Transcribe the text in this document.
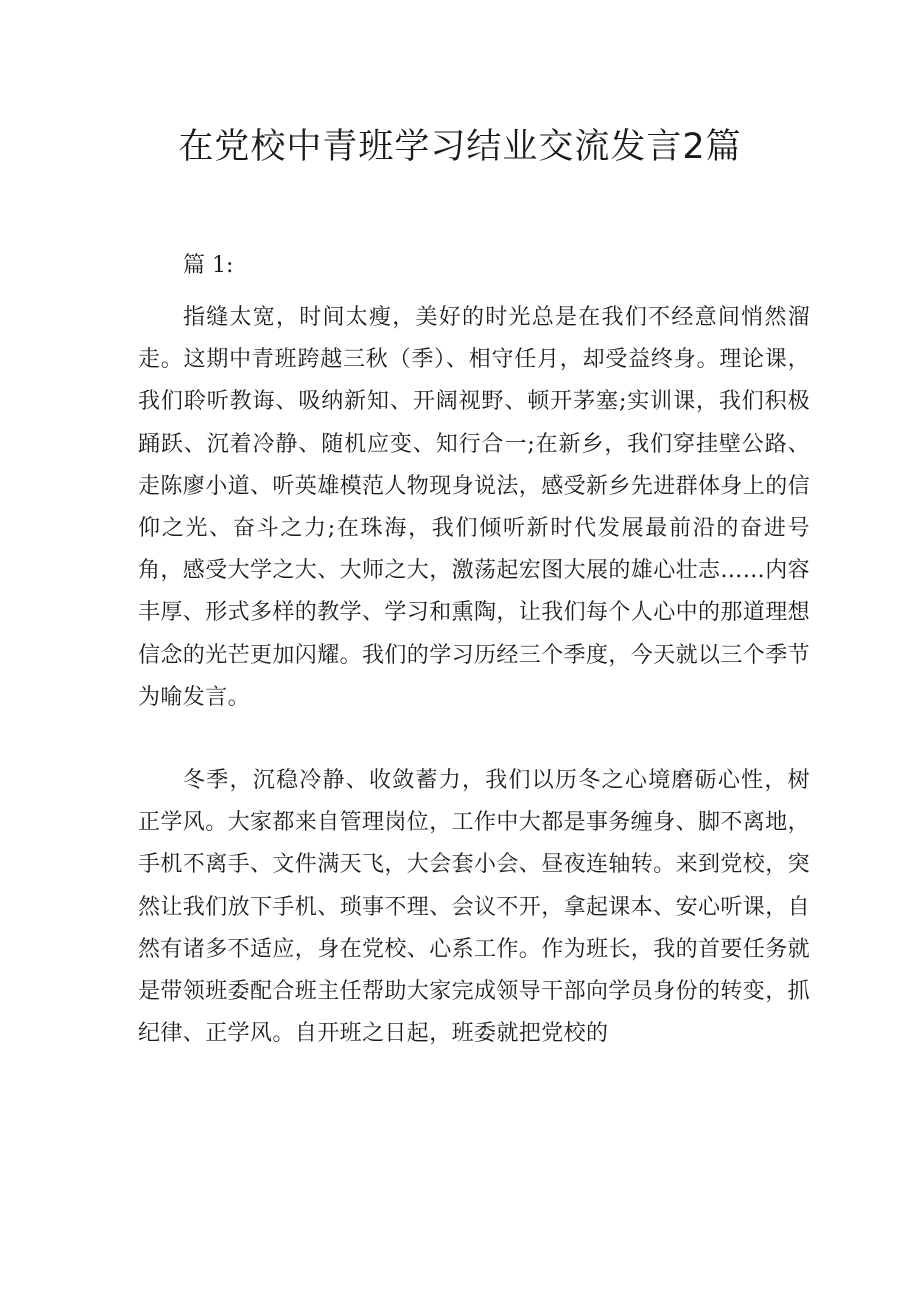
在党校中青班学习结业交流发言2篇

篇 1:

指缝太宽，时间太瘦，美好的时光总是在我们不经意间悄然溜走。这期中青班跨越三秋（季）、相守任月，却受益终身。理论课，我们聆听教诲、吸纳新知、开阔视野、顿开茅塞;实训课，我们积极踊跃、沉着冷静、随机应变、知行合一;在新乡，我们穿挂壁公路、走陈廖小道、听英雄模范人物现身说法，感受新乡先进群体身上的信仰之光、奋斗之力;在珠海，我们倾听新时代发展最前沿的奋进号角，感受大学之大、大师之大，激荡起宏图大展的雄心壮志……内容丰厚、形式多样的教学、学习和熏陶，让我们每个人心中的那道理想信念的光芒更加闪耀。我们的学习历经三个季度，今天就以三个季节为喻发言。

冬季，沉稳冷静、收敛蓄力，我们以历冬之心境磨砺心性，树正学风。大家都来自管理岗位，工作中大都是事务缠身、脚不离地，手机不离手、文件满天飞，大会套小会、昼夜连轴转。来到党校，突然让我们放下手机、琐事不理、会议不开，拿起课本、安心听课，自然有诸多不适应，身在党校、心系工作。作为班长，我的首要任务就是带领班委配合班主任帮助大家完成领导干部向学员身份的转变，抓纪律、正学风。自开班之日起，班委就把党校的
